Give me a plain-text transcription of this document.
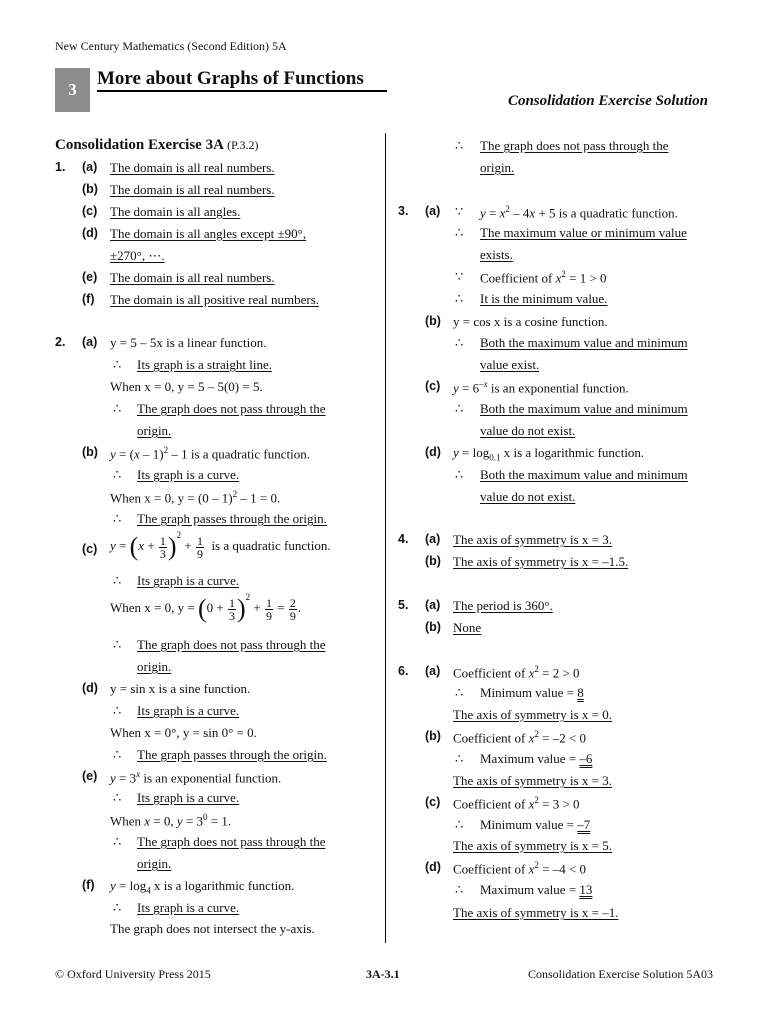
New Century Mathematics (Second Edition) 5A
3
More about Graphs of Functions
Consolidation Exercise Solution
Consolidation Exercise 3A (P.3.2)
1. (a) The domain is all real numbers.
(b) The domain is all real numbers.
(c) The domain is all angles.
(d) The domain is all angles except ±90°,
±270°, ⋯.
(e) The domain is all real numbers.
(f) The domain is all positive real numbers.
2. (a) y = 5 – 5x is a linear function.
∴ Its graph is a straight line.
When x = 0, y = 5 – 5(0) = 5.
∴ The graph does not pass through the
origin.
(b) y = (x – 1)$^2$ – 1 is a quadratic function.
∴ Its graph is a curve.
When x = 0, y = (0 – 1)$^2$ – 1 = 0.
∴ The graph passes through the origin.
(c) $y = (x + \frac{1}{3} )^2 + \frac{1}{9}$ is a quadratic function.
∴ Its graph is a curve.
When x = 0, $y = (0 + \frac{1}{3} )^2 + \frac{1}{9} = \frac{2}{9}$ .
∴ The graph does not pass through the
origin.
(d) y = sin x is a sine function.
∴ Its graph is a curve.
When x = 0°, y = sin 0° = 0.
∴ The graph passes through the origin.
(e) $y = 3^x$ is an exponential function.
∴ Its graph is a curve.
When x = 0, $y = 3^0 = 1$.
∴ The graph does not pass through the
origin.
(f) $y = \log_4 x$ is a logarithmic function.
∴ Its graph is a curve.
The graph does not intersect the y-axis.
∴ The graph does not pass through the
origin.
3. (a) ∵ $y = x^2 - 4x + 5$ is a quadratic function.
∴ The maximum value or minimum value
exists.
∵ Coefficient of $x^2 = 1 > 0$
∴ It is the minimum value.
(b) y = cos x is a cosine function.
∴ Both the maximum value and minimum
value exist.
(c) $y = 6^{-x}$ is an exponential function.
∴ Both the maximum value and minimum
value do not exist.
(d) $y = \log_{0.1} x$ is a logarithmic function.
∴ Both the maximum value and minimum
value do not exist.
4. (a) The axis of symmetry is x = 3.
(b) The axis of symmetry is x = –1.5.
5. (a) The period is 360°.
(b) None
6. (a) Coefficient of $x^2 = 2 > 0$
∴ Minimum value = 8
The axis of symmetry is x = 0.
(b) Coefficient of $x^2 = -2 < 0$
∴ Maximum value = –6
The axis of symmetry is x = 3.
(c) Coefficient of $x^2 = 3 > 0$
∴ Minimum value = –7
The axis of symmetry is x = 5.
(d) Coefficient of $x^2 = -4 < 0$
∴ Maximum value = 13
The axis of symmetry is x = –1.
© Oxford University Press 2015	3A-3.1	Consolidation Exercise Solution 5A03
